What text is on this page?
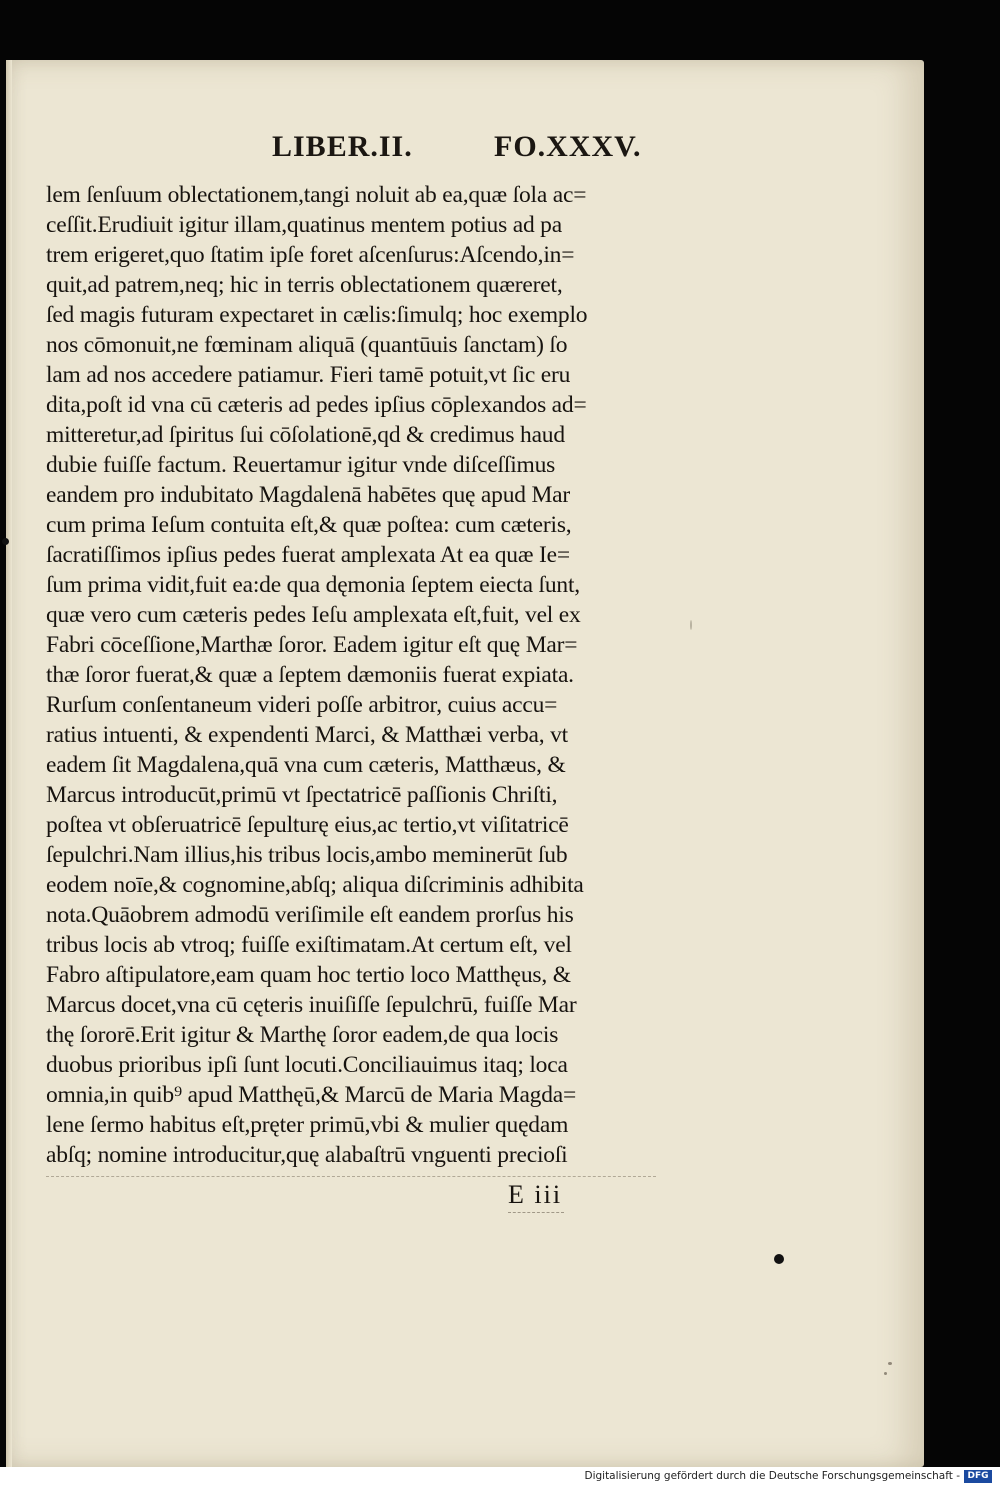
LIBER.II.	FO.XXXV.
lem ſenſuum oblectationem,tangi noluit ab ea,quæ ſola ac=
ceſſit.Erudiuit igitur illam,quatinus mentem potius ad pa
trem erigeret,quo ſtatim ipſe foret aſcenſurus:Aſcendo,in=
quit,ad patrem,neq; hic in terris oblectationem quæreret,
ſed magis futuram expectaret in cælis:ſimulq; hoc exemplo
nos cōmonuit,ne fœminam aliquā (quantūuis ſanctam) ſo
lam ad nos accedere patiamur. Fieri tamē potuit,vt ſic eru
dita,poſt id vna cū cæteris ad pedes ipſius cōplexandos ad=
mitteretur,ad ſpiritus ſui cōſolationē,qd & credimus haud
dubie fuiſſe factum. Reuertamur igitur vnde diſceſſimus
eandem pro indubitato Magdalenā habētes quę apud Mar
cum prima Ieſum contuita eſt,& quæ poſtea: cum cæteris,
ſacratiſſimos ipſius pedes fuerat amplexata At ea quæ Ie=
ſum prima vidit,fuit ea:de qua dęmonia ſeptem eiecta ſunt,
quæ vero cum cæteris pedes Ieſu amplexata eſt,fuit, vel ex
Fabri cōceſſione,Marthæ ſoror. Eadem igitur eſt quę Mar=
thæ ſoror fuerat,& quæ a ſeptem dæmoniis fuerat expiata.
Rurſum conſentaneum videri poſſe arbitror, cuius accu=
ratius intuenti, & expendenti Marci, & Matthæi verba, vt
eadem ſit Magdalena,quā vna cum cæteris, Matthæus, &
Marcus introducūt,primū vt ſpectatricē paſſionis Chriſti,
poſtea vt obſeruatricē ſepulturę eius,ac tertio,vt viſitatricē
ſepulchri.Nam illius,his tribus locis,ambo meminerūt ſub
eodem noīe,& cognomine,abſq; aliqua diſcriminis adhibita
nota.Quāobrem admodū veriſimile eſt eandem prorſus his
tribus locis ab vtroq; fuiſſe exiſtimatam.At certum eſt, vel
Fabro aſtipulatore,eam quam hoc tertio loco Matthęus, &
Marcus docet,vna cū cęteris inuiſiſſe ſepulchrū, fuiſſe Mar
thę ſororē.Erit igitur & Marthę ſoror eadem,de qua locis
duobus prioribus ipſi ſunt locuti.Conciliauimus itaq; loca
omnia,in quib⁹ apud Matthęū,& Marcū de Maria Magda=
lene ſermo habitus eſt,pręter primū,vbi & mulier quędam
abſq; nomine introducitur,quę alabaſtrū vnguenti precioſi
E iii
Digitalisierung gefördert durch die Deutsche Forschungsgemeinschaft - DFG
